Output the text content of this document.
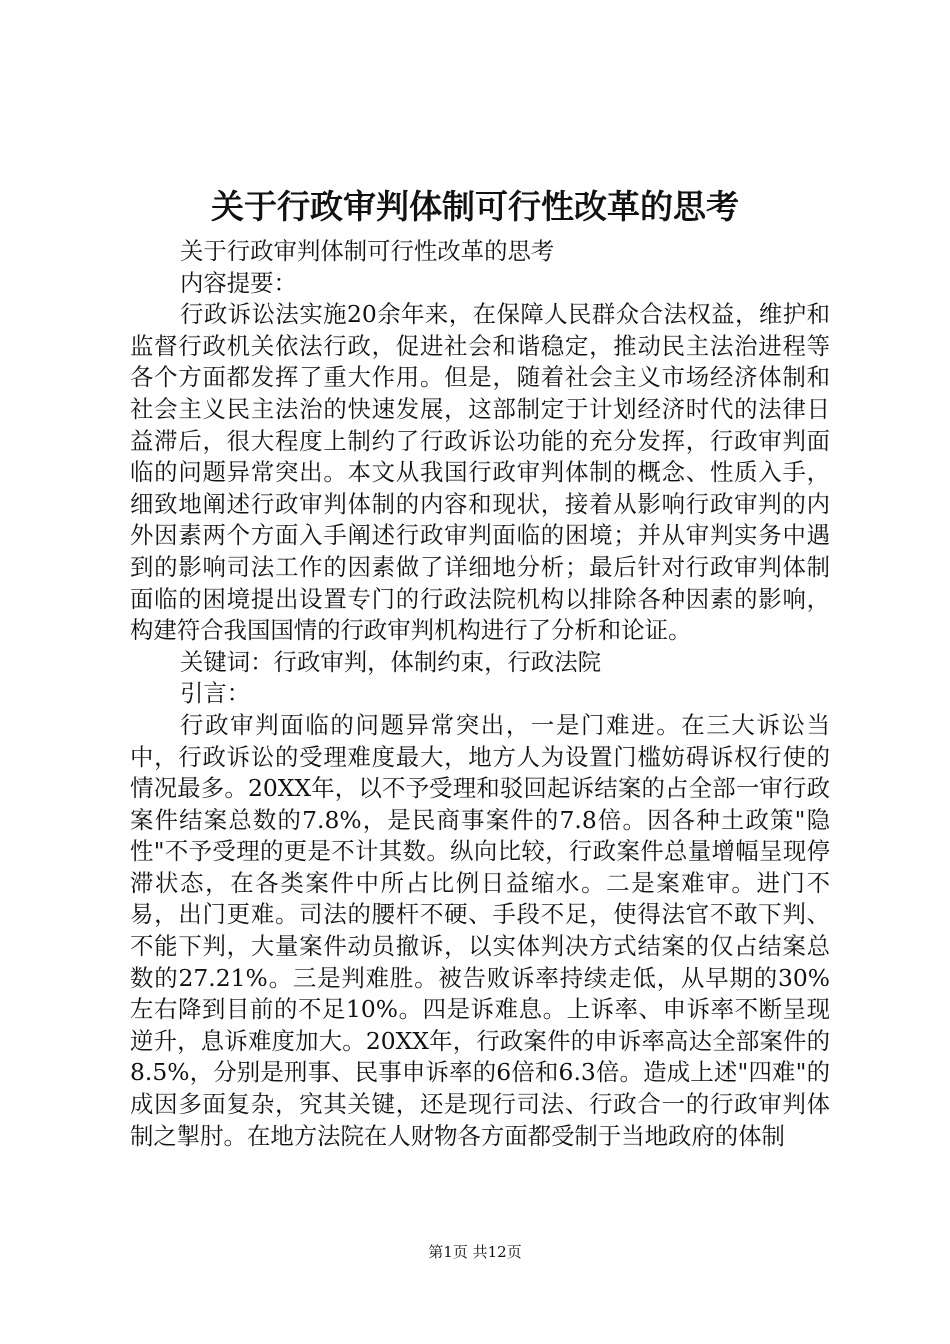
关于行政审判体制可行性改革的思考

关于行政审判体制可行性改革的思考

内容提要：

行政诉讼法实施20余年来，在保障人民群众合法权益，维护和监督行政机关依法行政，促进社会和谐稳定，推动民主法治进程等各个方面都发挥了重大作用。但是，随着社会主义市场经济体制和社会主义民主法治的快速发展，这部制定于计划经济时代的法律日益滞后，很大程度上制约了行政诉讼功能的充分发挥，行政审判面临的问题异常突出。本文从我国行政审判体制的概念、性质入手，细致地阐述行政审判体制的内容和现状，接着从影响行政审判的内外因素两个方面入手阐述行政审判面临的困境；并从审判实务中遇到的影响司法工作的因素做了详细地分析；最后针对行政审判体制面临的困境提出设置专门的行政法院机构以排除各种因素的影响，构建符合我国国情的行政审判机构进行了分析和论证。

关键词：行政审判，体制约束，行政法院

引言：

行政审判面临的问题异常突出，一是门难进。在三大诉讼当中，行政诉讼的受理难度最大，地方人为设置门槛妨碍诉权行使的情况最多。20XX年，以不予受理和驳回起诉结案的占全部一审行政案件结案总数的7.8%，是民商事案件的7.8倍。因各种土政策"隐性"不予受理的更是不计其数。纵向比较，行政案件总量增幅呈现停滞状态，在各类案件中所占比例日益缩水。二是案难审。进门不易，出门更难。司法的腰杆不硬、手段不足，使得法官不敢下判、不能下判，大量案件动员撤诉，以实体判决方式结案的仅占结案总数的27.21%。三是判难胜。被告败诉率持续走低，从早期的30%左右降到目前的不足10%。四是诉难息。上诉率、申诉率不断呈现逆升，息诉难度加大。20XX年，行政案件的申诉率高达全部案件的8.5%，分别是刑事、民事申诉率的6倍和6.3倍。造成上述"四难"的成因多面复杂，究其关键，还是现行司法、行政合一的行政审判体制之掣肘。在地方法院在人财物各方面都受制于当地政府的体制

第1页 共12页
